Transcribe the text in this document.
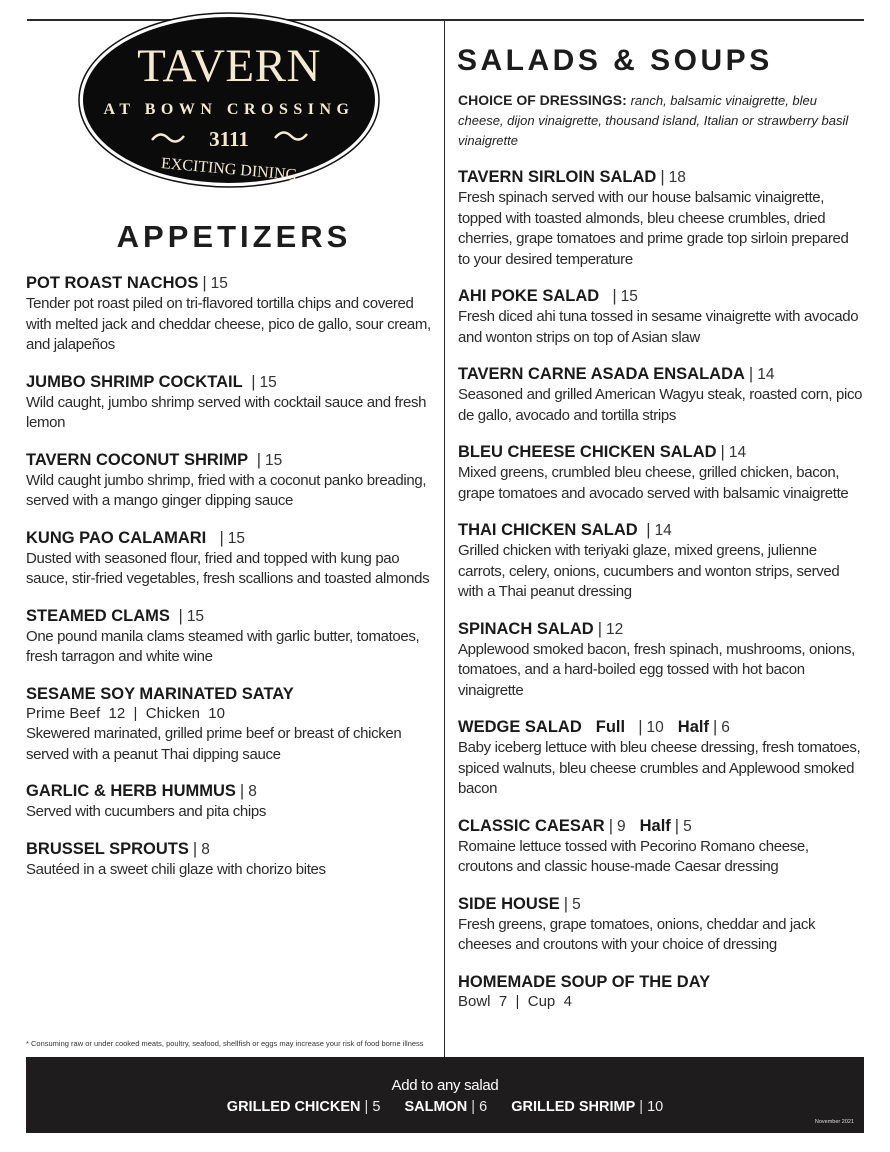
TAVERN
AT BOWN CROSSING
3111
EXCITING DINING
APPETIZERS
POT ROAST NACHOS | 15
Tender pot roast piled on tri-flavored tortilla chips and covered with melted jack and cheddar cheese, pico de gallo, sour cream, and jalapeños
JUMBO SHRIMP COCKTAIL | 15
Wild caught, jumbo shrimp served with cocktail sauce and fresh lemon
TAVERN COCONUT SHRIMP | 15
Wild caught jumbo shrimp, fried with a coconut panko breading, served with a mango ginger dipping sauce
KUNG PAO CALAMARI | 15
Dusted with seasoned flour, fried and topped with kung pao sauce, stir-fried vegetables, fresh scallions and toasted almonds
STEAMED CLAMS | 15
One pound manila clams steamed with garlic butter, tomatoes, fresh tarragon and white wine
SESAME SOY MARINATED SATAY
Prime Beef  12  |  Chicken  10
Skewered marinated, grilled prime beef or breast of chicken served with a peanut Thai dipping sauce
GARLIC & HERB HUMMUS | 8
Served with cucumbers and pita chips
BRUSSEL SPROUTS | 8
Sautéed in a sweet chili glaze with chorizo bites
SALADS & SOUPS
CHOICE OF DRESSINGS: ranch, balsamic vinaigrette, bleu cheese, dijon vinaigrette, thousand island, Italian or strawberry basil vinaigrette
TAVERN SIRLOIN SALAD | 18
Fresh spinach served with our house balsamic vinaigrette, topped with toasted almonds, bleu cheese crumbles, dried cherries, grape tomatoes and prime grade top sirloin prepared to your desired temperature
AHI POKE SALAD | 15
Fresh diced ahi tuna tossed in sesame vinaigrette with avocado and wonton strips on top of Asian slaw
TAVERN CARNE ASADA ENSALADA | 14
Seasoned and grilled American Wagyu steak, roasted corn, pico de gallo, avocado and tortilla strips
BLEU CHEESE CHICKEN SALAD | 14
Mixed greens, crumbled bleu cheese, grilled chicken, bacon, grape tomatoes and avocado served with balsamic vinaigrette
THAI CHICKEN SALAD | 14
Grilled chicken with teriyaki glaze, mixed greens, julienne carrots, celery, onions, cucumbers and wonton strips, served with a Thai peanut dressing
SPINACH SALAD | 12
Applewood smoked bacon, fresh spinach, mushrooms, onions, tomatoes, and a hard-boiled egg tossed with hot bacon vinaigrette
WEDGE SALAD Full | 10 Half | 6
Baby iceberg lettuce with bleu cheese dressing, fresh tomatoes, spiced walnuts, bleu cheese crumbles and Applewood smoked bacon
CLASSIC CAESAR | 9 Half | 5
Romaine lettuce tossed with Pecorino Romano cheese, croutons and classic house-made Caesar dressing
SIDE HOUSE | 5
Fresh greens, grape tomatoes, onions, cheddar and jack cheeses and croutons with your choice of dressing
HOMEMADE SOUP OF THE DAY
Bowl  7  |  Cup  4
* Consuming raw or under cooked meats, poultry, seafood, shellfish or eggs may increase your risk of food borne illness
Add to any salad
GRILLED CHICKEN | 5 SALMON | 6 GRILLED SHRIMP | 10
November 2021
